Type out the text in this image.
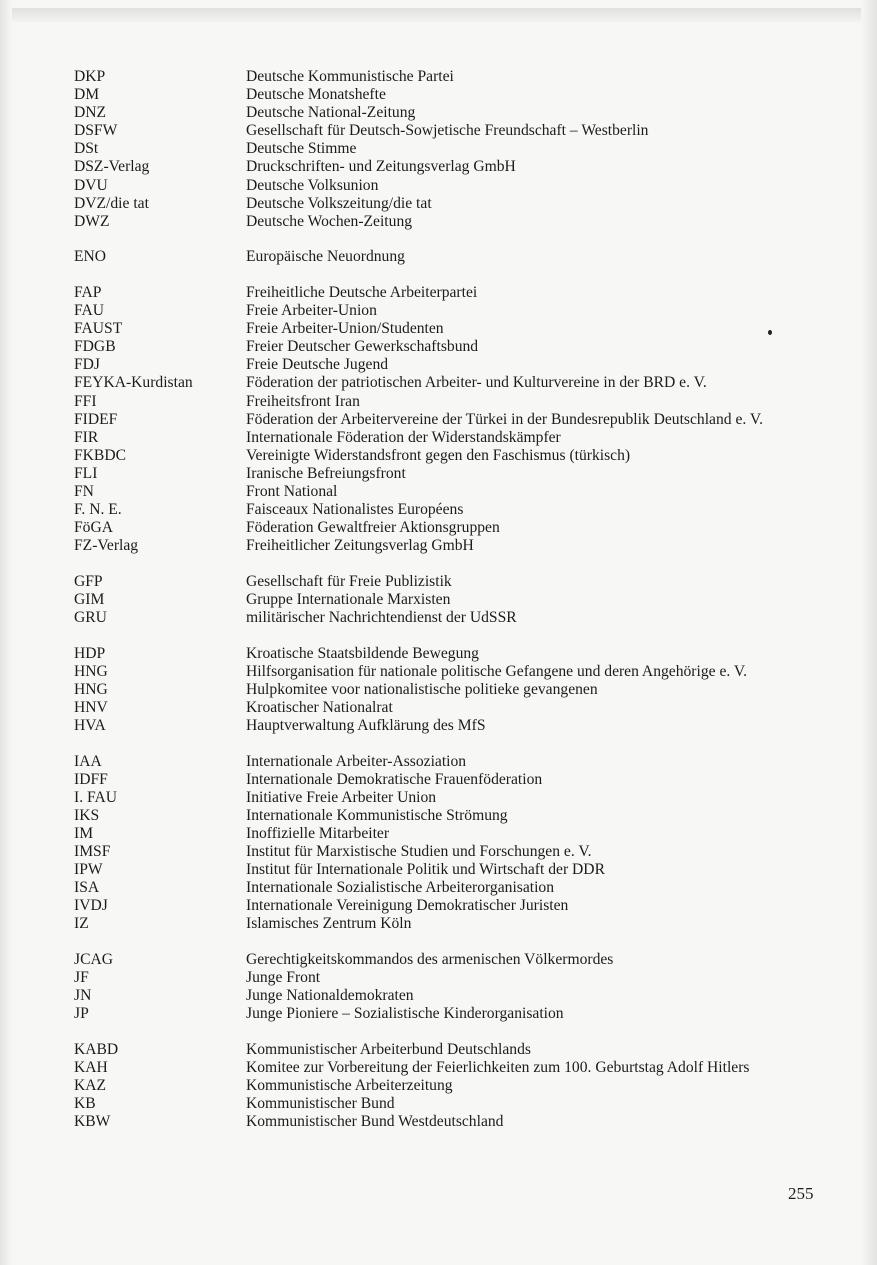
DKP	Deutsche Kommunistische Partei
DM	Deutsche Monatshefte
DNZ	Deutsche National-Zeitung
DSFW	Gesellschaft für Deutsch-Sowjetische Freundschaft – Westberlin
DSt	Deutsche Stimme
DSZ-Verlag	Druckschriften- und Zeitungsverlag GmbH
DVU	Deutsche Volksunion
DVZ/die tat	Deutsche Volkszeitung/die tat
DWZ	Deutsche Wochen-Zeitung
ENO	Europäische Neuordnung
FAP	Freiheitliche Deutsche Arbeiterpartei
FAU	Freie Arbeiter-Union
FAUST	Freie Arbeiter-Union/Studenten
FDGB	Freier Deutscher Gewerkschaftsbund
FDJ	Freie Deutsche Jugend
FEYKA-Kurdistan	Föderation der patriotischen Arbeiter- und Kulturvereine in der BRD e. V.
FFI	Freiheitsfront Iran
FIDEF	Föderation der Arbeitervereine der Türkei in der Bundesrepublik Deutschland e. V.
FIR	Internationale Föderation der Widerstandskämpfer
FKBDC	Vereinigte Widerstandsfront gegen den Faschismus (türkisch)
FLI	Iranische Befreiungsfront
FN	Front National
F. N. E.	Faisceaux Nationalistes Européens
FöGA	Föderation Gewaltfreier Aktionsgruppen
FZ-Verlag	Freiheitlicher Zeitungsverlag GmbH
GFP	Gesellschaft für Freie Publizistik
GIM	Gruppe Internationale Marxisten
GRU	militärischer Nachrichtendienst der UdSSR
HDP	Kroatische Staatsbildende Bewegung
HNG	Hilfsorganisation für nationale politische Gefangene und deren Angehörige e. V.
HNG	Hulpkomitee voor nationalistische politieke gevangenen
HNV	Kroatischer Nationalrat
HVA	Hauptverwaltung Aufklärung des MfS
IAA	Internationale Arbeiter-Assoziation
IDFF	Internationale Demokratische Frauenföderation
I. FAU	Initiative Freie Arbeiter Union
IKS	Internationale Kommunistische Strömung
IM	Inoffizielle Mitarbeiter
IMSF	Institut für Marxistische Studien und Forschungen e. V.
IPW	Institut für Internationale Politik und Wirtschaft der DDR
ISA	Internationale Sozialistische Arbeiterorganisation
IVDJ	Internationale Vereinigung Demokratischer Juristen
IZ	Islamisches Zentrum Köln
JCAG	Gerechtigkeitskommandos des armenischen Völkermordes
JF	Junge Front
JN	Junge Nationaldemokraten
JP	Junge Pioniere – Sozialistische Kinderorganisation
KABD	Kommunistischer Arbeiterbund Deutschlands
KAH	Komitee zur Vorbereitung der Feierlichkeiten zum 100. Geburtstag Adolf Hitlers
KAZ	Kommunistische Arbeiterzeitung
KB	Kommunistischer Bund
KBW	Kommunistischer Bund Westdeutschland
255
